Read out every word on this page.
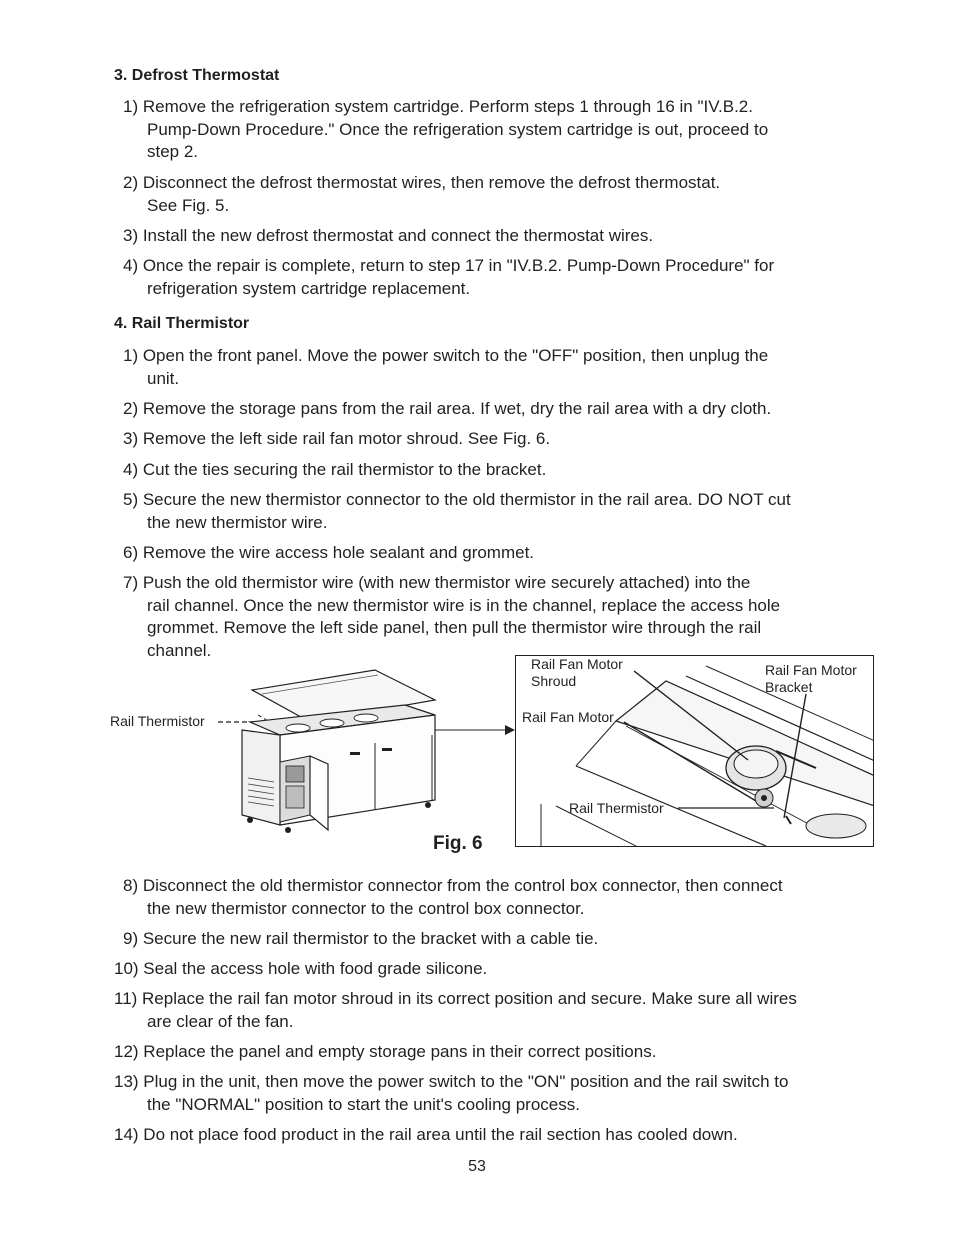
3. Defrost Thermostat

1) Remove the refrigeration system cartridge. Perform steps 1 through 16 in "IV.B.2.
Pump-Down Procedure." Once the refrigeration system cartridge is out, proceed to
step 2.

2) Disconnect the defrost thermostat wires, then remove the defrost thermostat.
See Fig. 5.

3) Install the new defrost thermostat and connect the thermostat wires.

4) Once the repair is complete, return to step 17 in "IV.B.2. Pump-Down Procedure" for
refrigeration system cartridge replacement.

4. Rail Thermistor

1) Open the front panel. Move the power switch to the "OFF" position, then unplug the
unit.

2) Remove the storage pans from the rail area. If wet, dry the rail area with a dry cloth.

3) Remove the left side rail fan motor shroud. See Fig. 6.

4) Cut the ties securing the rail thermistor to the bracket.

5) Secure the new thermistor connector to the old thermistor in the rail area. DO NOT cut
the new thermistor wire.

6) Remove the wire access hole sealant and grommet.

7) Push the old thermistor wire (with new thermistor wire securely attached) into the
rail channel. Once the new thermistor wire is in the channel, replace the access hole
grommet. Remove the left side panel, then pull the thermistor wire through the rail
channel.

Rail Thermistor
Fig. 6
Rail Fan Motor
Shroud
Rail Fan Motor
Bracket
Rail Fan Motor
Rail Thermistor

8) Disconnect the old thermistor connector from the control box connector, then connect
the new thermistor connector to the control box connector.

9) Secure the new rail thermistor to the bracket with a cable tie.

10) Seal the access hole with food grade silicone.

11) Replace the rail fan motor shroud in its correct position and secure. Make sure all wires
are clear of the fan.

12) Replace the panel and empty storage pans in their correct positions.

13) Plug in the unit, then move the power switch to the "ON" position and the rail switch to
the "NORMAL" position to start the unit's cooling process.

14) Do not place food product in the rail area until the rail section has cooled down.

53
